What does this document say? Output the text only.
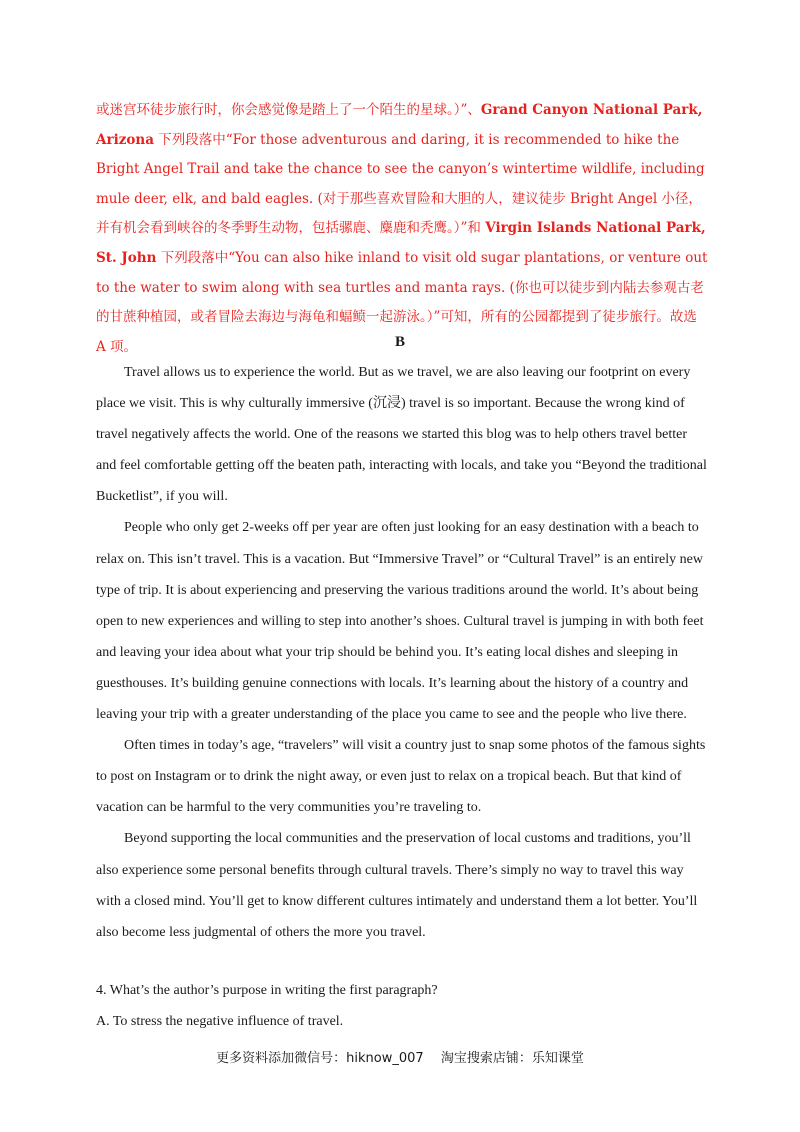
或迷宫环徒步旅行时，你会感觉像是踏上了一个陌生的星球。）”、Grand Canyon National Park, Arizona 下列段落中“For those adventurous and daring, it is recommended to hike the Bright Angel Trail and take the chance to see the canyon’s wintertime wildlife, including mule deer, elk, and bald eagles. (对于那些喜欢冒险和大胆的人，建议徒步 Bright Angel 小径，并有机会看到峡谷的冬季野生动物，包括骡鹿、麋鹿和秃鹰。）”和 Virgin Islands National Park, St. John 下列段落中“You can also hike inland to visit old sugar plantations, or venture out to the water to swim along with sea turtles and manta rays. (你也可以徒步到内陆去参观古老的甘蔗种植园，或者冒险去海边与海龟和蝠鲼一起游泳。）”可知，所有的公园都提到了徒步旅行。故选 A 项。	B

Travel allows us to experience the world. But as we travel, we are also leaving our footprint on every place we visit. This is why culturally immersive (沉浸) travel is so important. Because the wrong kind of travel negatively affects the world. One of the reasons we started this blog was to help others travel better and feel comfortable getting off the beaten path, interacting with locals, and take you “Beyond the traditional Bucketlist”, if you will.

People who only get 2-weeks off per year are often just looking for an easy destination with a beach to relax on. This isn’t travel. This is a vacation. But “Immersive Travel” or “Cultural Travel” is an entirely new type of trip. It is about experiencing and preserving the various traditions around the world. It’s about being open to new experiences and willing to step into another’s shoes. Cultural travel is jumping in with both feet and leaving your idea about what your trip should be behind you. It’s eating local dishes and sleeping in guesthouses. It’s building genuine connections with locals. It’s learning about the history of a country and leaving your trip with a greater understanding of the place you came to see and the people who live there.

Often times in today’s age, “travelers” will visit a country just to snap some photos of the famous sights to post on Instagram or to drink the night away, or even just to relax on a tropical beach. But that kind of vacation can be harmful to the very communities you’re traveling to.

Beyond supporting the local communities and the preservation of local customs and traditions, you’ll also experience some personal benefits through cultural travels. There’s simply no way to travel this way with a closed mind. You’ll get to know different cultures intimately and understand them a lot better. You’ll also become less judgmental of others the more you travel.

4. What’s the author’s purpose in writing the first paragraph?
A. To stress the negative influence of travel.
更多资料添加微信号：hiknow_007　 淘宝搜索店铺：乐知课堂
